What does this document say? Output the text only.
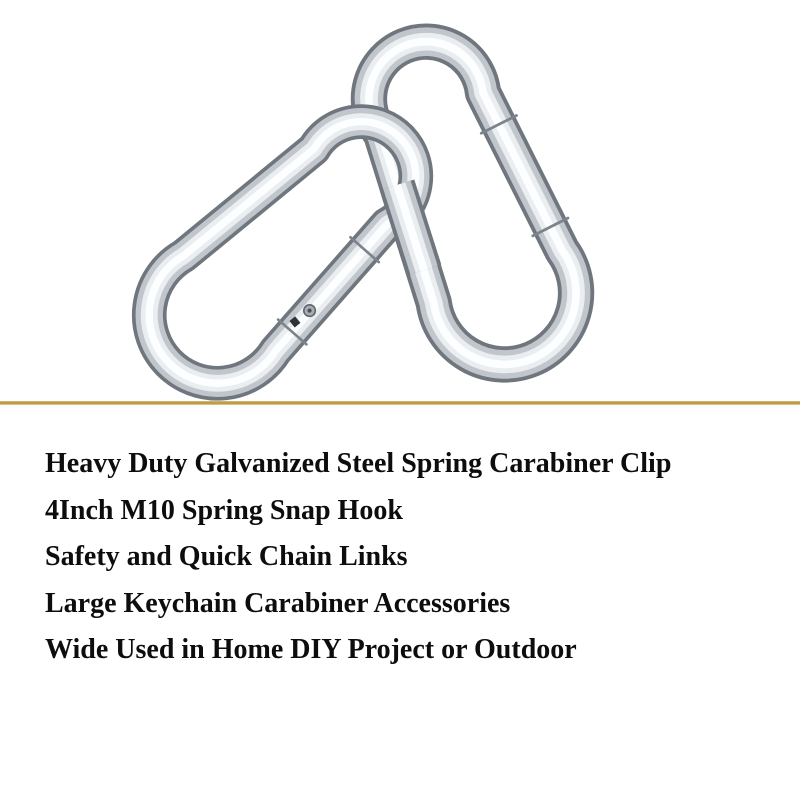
Heavy Duty Galvanized Steel Spring Carabiner Clip

4Inch M10 Spring Snap Hook

Safety and Quick Chain Links

Large Keychain Carabiner Accessories

Wide Used in Home DIY Project or Outdoor
